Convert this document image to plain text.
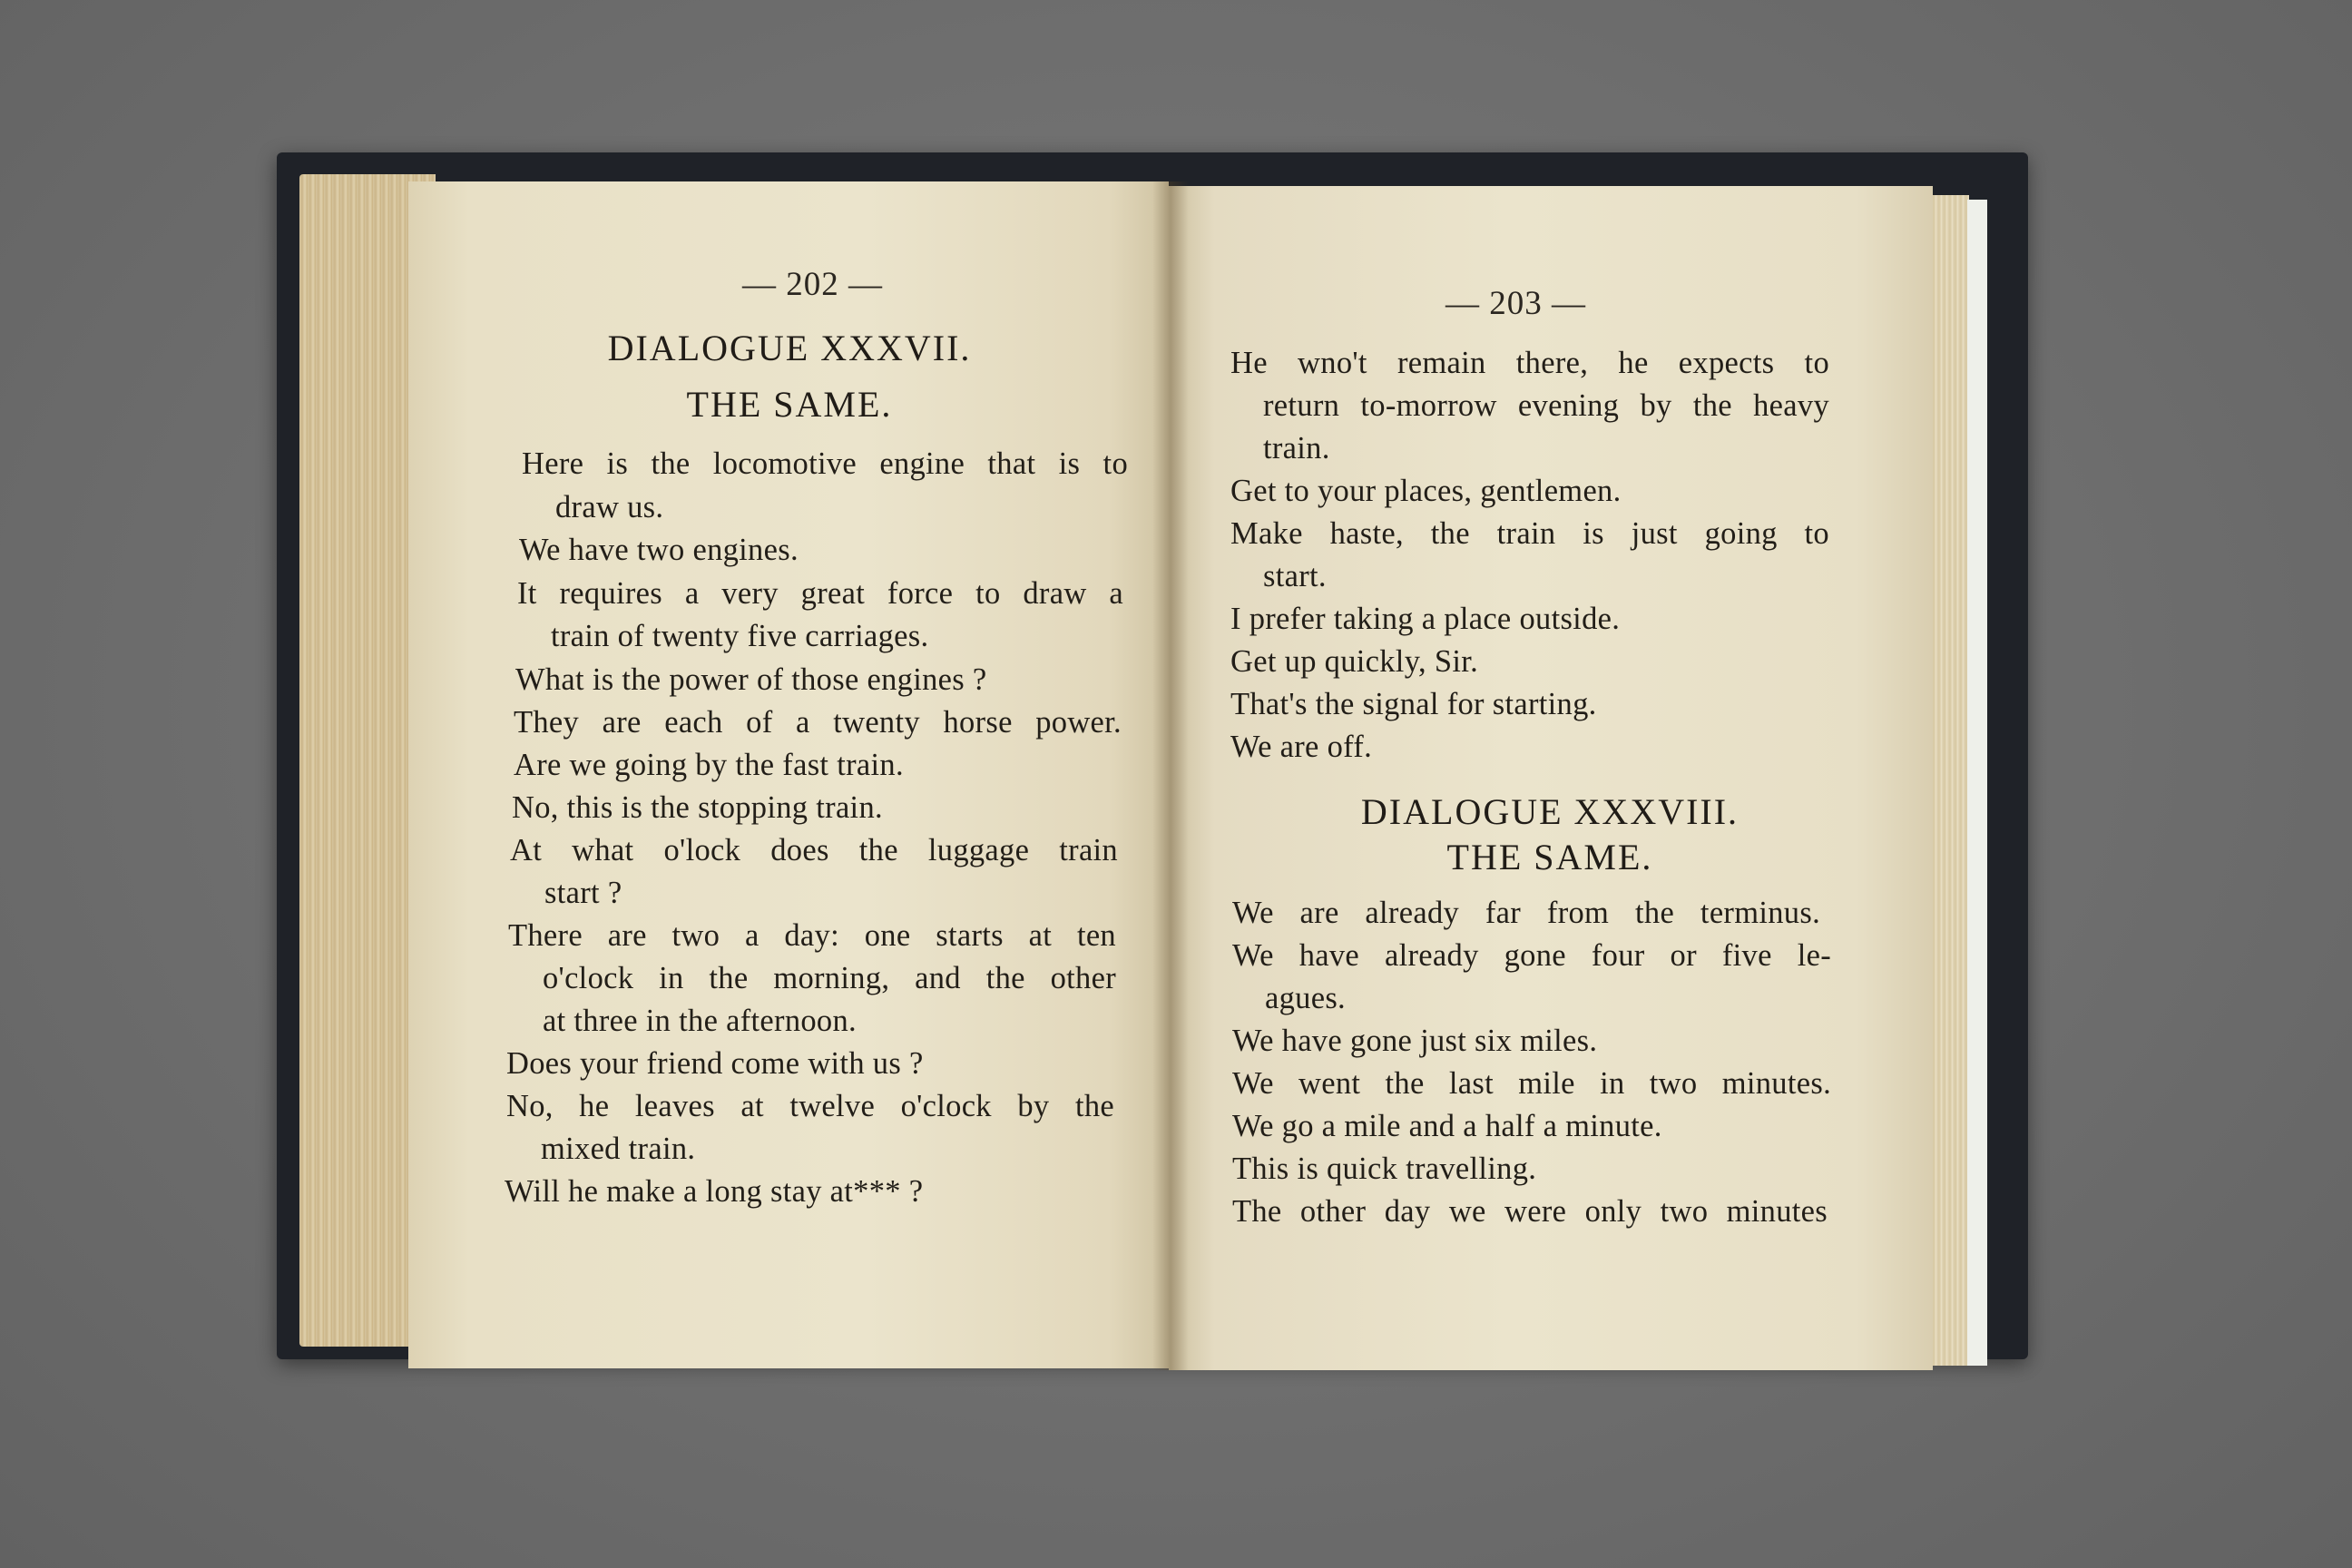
— 202 —
DIALOGUE XXXVII.
THE SAME.
Here is the locomotive engine that is to
draw us.
We have two engines.
It requires a very great force to draw a
train of twenty five carriages.
What is the power of those engines ?
They are each of a twenty horse power.
Are we going by the fast train.
No, this is the stopping train.
At what o'lock does the luggage train
start ?
There are two a day: one starts at ten
o'clock in the morning, and the other
at three in the afternoon.
Does your friend come with us ?
No, he leaves at twelve o'clock by the
mixed train.
Will he make a long stay at*** ?
— 203 —
He wno't remain there, he expects to
return to-morrow evening by the heavy
train.
Get to your places, gentlemen.
Make haste, the train is just going to
start.
I prefer taking a place outside.
Get up quickly, Sir.
That's the signal for starting.
We are off.
DIALOGUE XXXVIII.
THE SAME.
We are already far from the terminus.
We have already gone four or five le-
agues.
We have gone just six miles.
We went the last mile in two minutes.
We go a mile and a half a minute.
This is quick travelling.
The other day we were only two minutes
